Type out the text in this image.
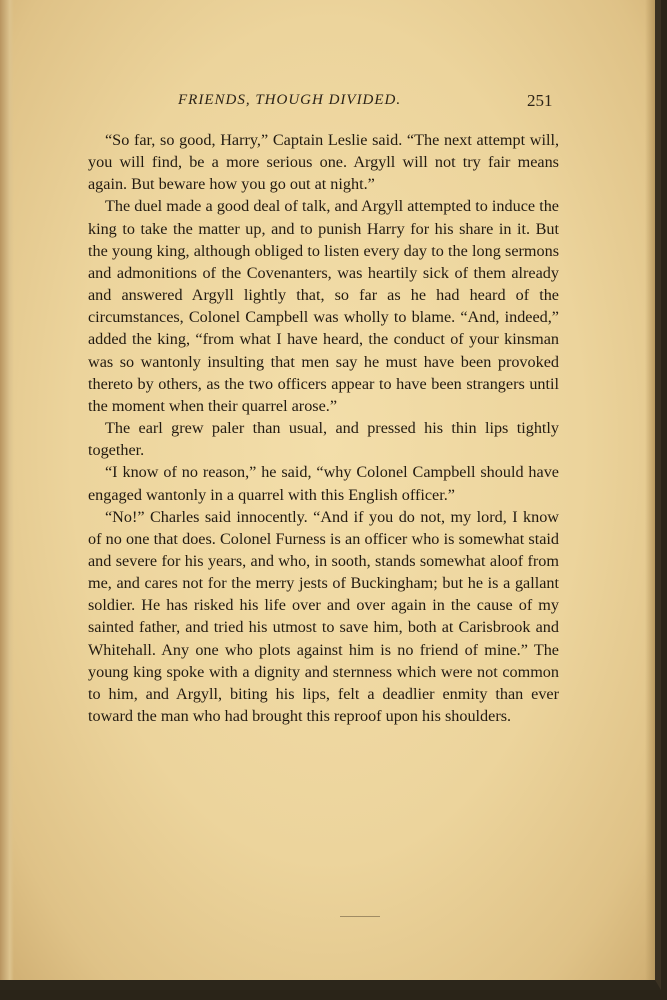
FRIENDS, THOUGH DIVIDED.	251

“So far, so good, Harry,” Captain Leslie said. “The next attempt will, you will find, be a more serious one. Argyll will not try fair means again. But beware how you go out at night.”

The duel made a good deal of talk, and Argyll attempted to induce the king to take the matter up, and to punish Harry for his share in it. But the young king, although obliged to listen every day to the long sermons and admonitions of the Covenanters, was heartily sick of them already and answered Argyll lightly that, so far as he had heard of the circumstances, Colonel Campbell was wholly to blame. “And, indeed,” added the king, “from what I have heard, the conduct of your kinsman was so wantonly insulting that men say he must have been provoked thereto by others, as the two officers appear to have been strangers until the moment when their quarrel arose.”

The earl grew paler than usual, and pressed his thin lips tightly together.

“I know of no reason,” he said, “why Colonel Campbell should have engaged wantonly in a quarrel with this English officer.”

“No!” Charles said innocently. “And if you do not, my lord, I know of no one that does. Colonel Furness is an officer who is somewhat staid and severe for his years, and who, in sooth, stands somewhat aloof from me, and cares not for the merry jests of Buckingham; but he is a gallant soldier. He has risked his life over and over again in the cause of my sainted father, and tried his utmost to save him, both at Carisbrook and Whitehall. Any one who plots against him is no friend of mine.” The young king spoke with a dignity and sternness which were not common to him, and Argyll, biting his lips, felt a deadlier enmity than ever toward the man who had brought this reproof upon his shoulders.
